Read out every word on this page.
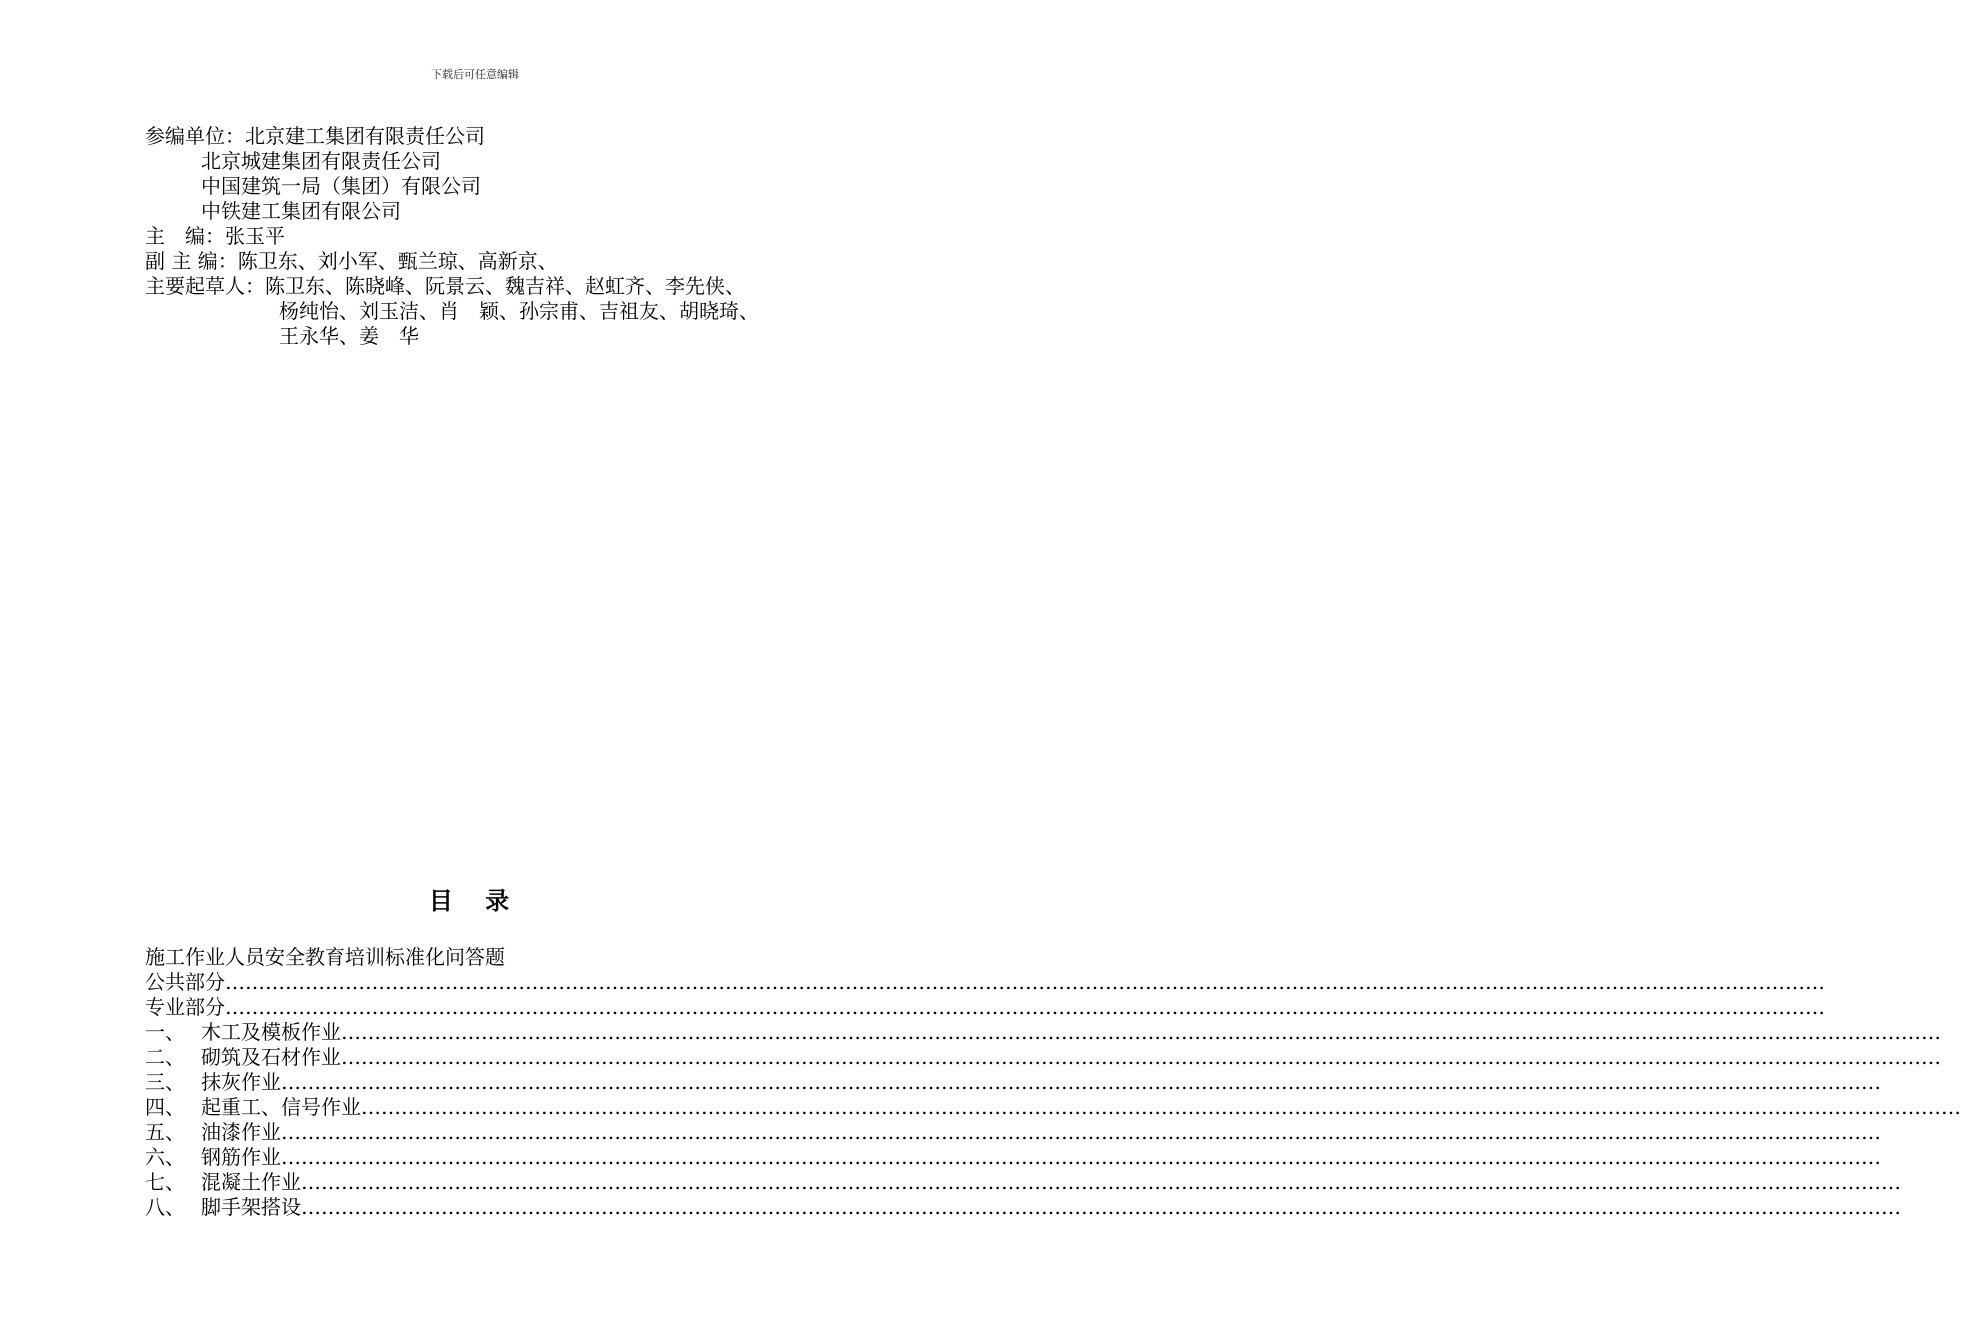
下载后可任意编辑
参编单位：北京建工集团有限责任公司
北京城建集团有限责任公司
中国建筑一局（集团）有限公司
中铁建工集团有限公司
主　编：张玉平
副 主 编：陈卫东、刘小军、甄兰琼、高新京、
主要起草人：陈卫东、陈晓峰、阮景云、魏吉祥、赵虹齐、李先侠、
杨纯怡、刘玉洁、肖　颖、孙宗甫、吉祖友、胡晓琦、
王永华、姜　华
目 录
施工作业人员安全教育培训标准化问答题
公共部分……………………………………………………………………………………………………………………………………………………………………………………………………………………
专业部分……………………………………………………………………………………………………………………………………………………………………………………………………………………
一、 木工及模板作业……………………………………………………………………………………………………………………………………………………………………………………………………………………
二、 砌筑及石材作业……………………………………………………………………………………………………………………………………………………………………………………………………………………
三、 抹灰作业……………………………………………………………………………………………………………………………………………………………………………………………………………………
四、 起重工、信号作业……………………………………………………………………………………………………………………………………………………………………………………………………………………
五、 油漆作业……………………………………………………………………………………………………………………………………………………………………………………………………………………
六、 钢筋作业……………………………………………………………………………………………………………………………………………………………………………………………………………………
七、 混凝土作业……………………………………………………………………………………………………………………………………………………………………………………………………………………
八、 脚手架搭设……………………………………………………………………………………………………………………………………………………………………………………………………………………
